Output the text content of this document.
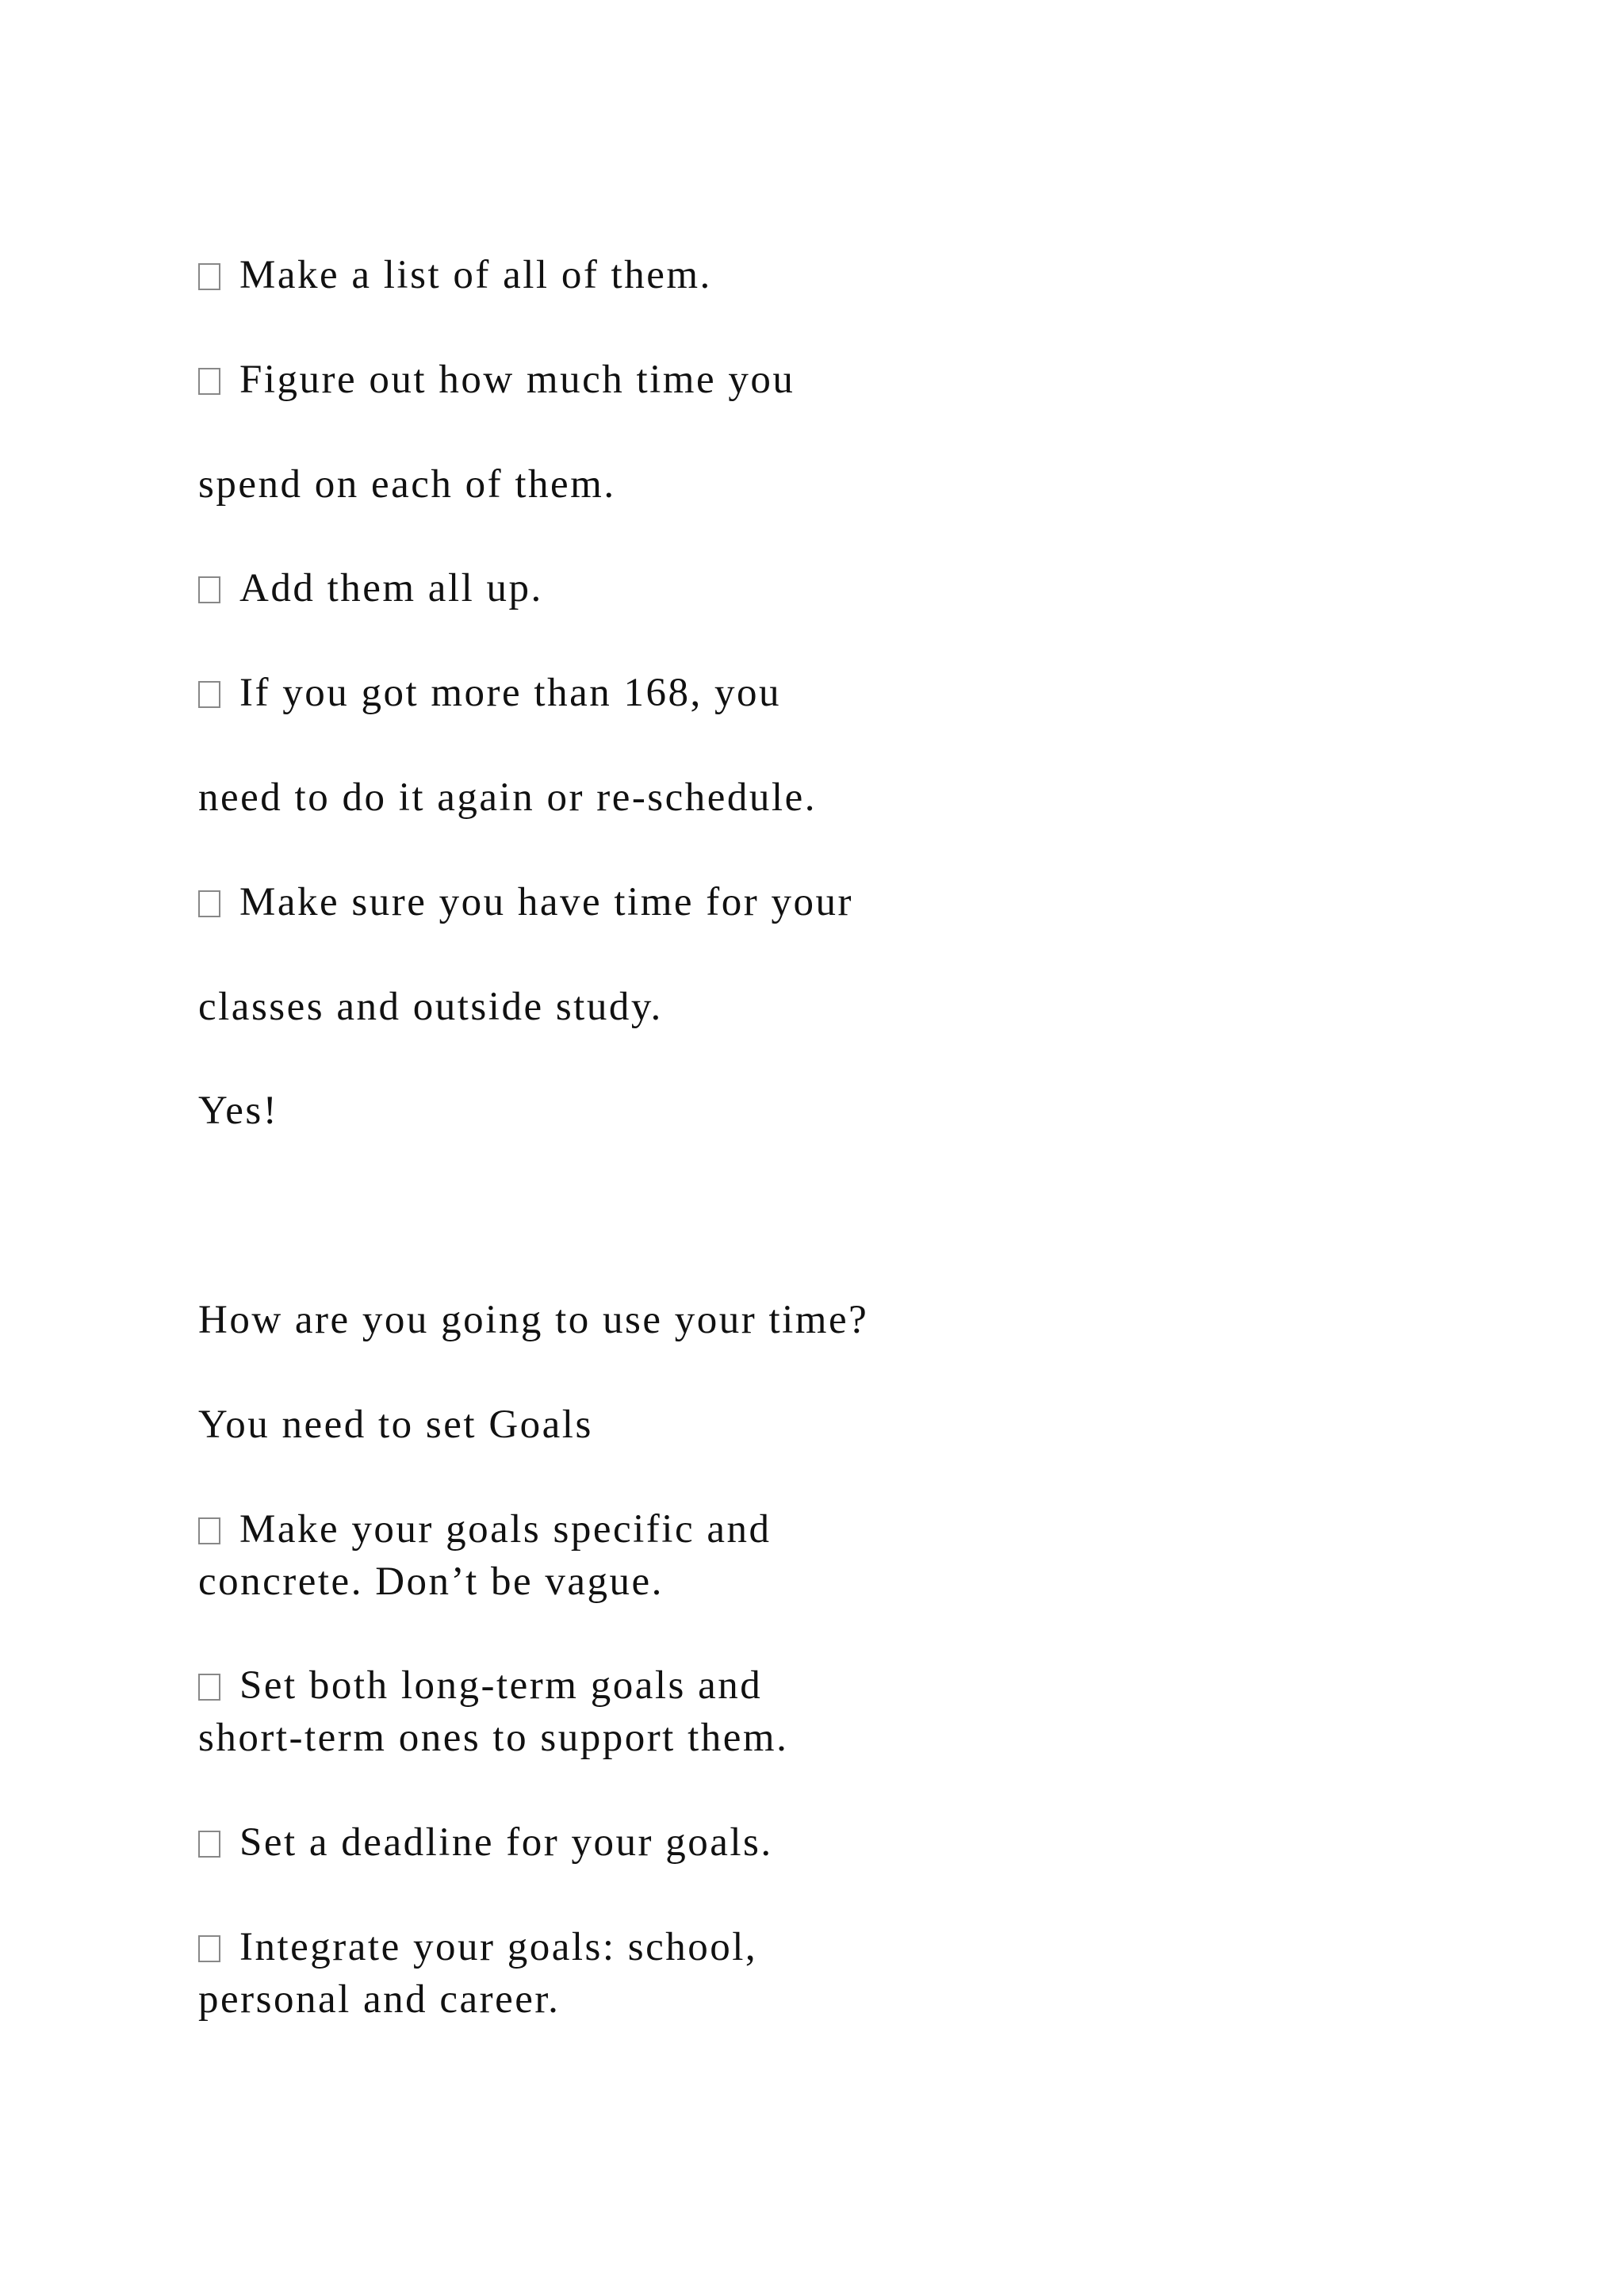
Make a list of all of them.
Figure out how much time you
spend on each of them.
Add them all up.
If you got more than 168, you
need to do it again or re-schedule.
Make sure you have time for your
classes and outside study.
Yes!
How are you going to use your time?
You need to set Goals
Make your goals specific and
concrete. Don’t be vague.
Set both long-term goals and
short-term ones to support them.
Set a deadline for your goals.
Integrate your goals: school,
personal and career.
